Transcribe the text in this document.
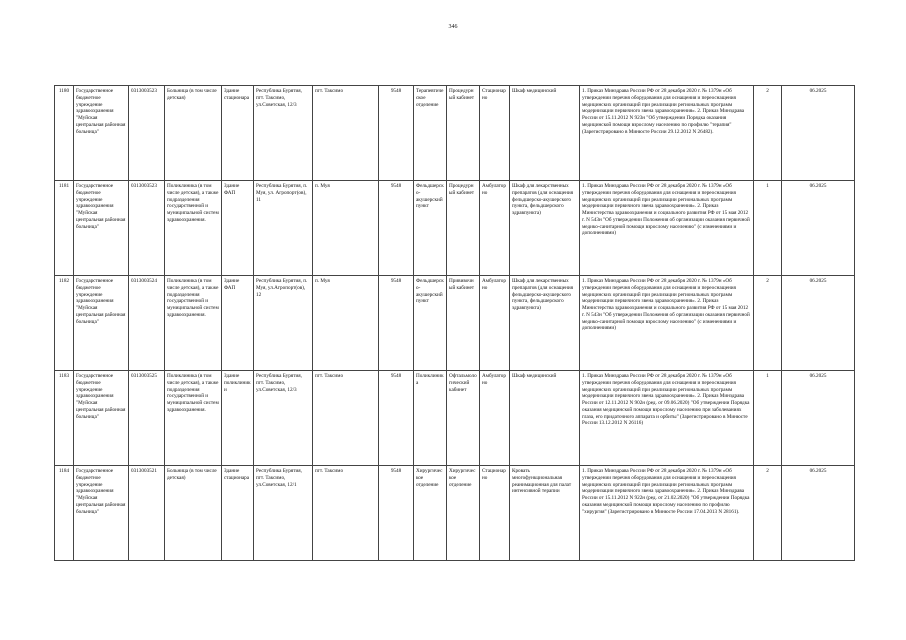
346
1180	Государственное бюджетное учреждение здравоохранения "Муйская центральная районная больница"	0313003523	Больница (в том числе детская)	Здание стационара	Республика Бурятия, пгт. Таксимо, ул.Советская, 12/3	пгт. Таксимо	9548	Терапевтическое отделение	Процедурный кабинет	Стационарно	Шкаф медицинский	1. Приказ Минздрава России РФ от 28 декабря 2020 г. № 1379н «Об утверждении перечня оборудования для оснащения и переоснащения медицинских организаций при реализации региональных программ модернизации первичного звена здравоохранения». 2. Приказ Минздрава России от 15.11.2012 N 923н "Об утверждении Порядка оказания медицинской помощи взрослому населению по профилю "терапия" (Зарегистрировано в Минюсте России 29.12.2012 N 26482).	2	06.2025
1181	Государственное бюджетное учреждение здравоохранения "Муйская центральная районная больница"	0313003523	Поликлиника (в том числе детская), а также подразделения государственной и муниципальной систем здравоохранения.	Здание ФАП	Республика Бурятия, п. Муя, ул. Агропорт(ов), 11	п. Муя	9548	Фельдшерско-акушерский пункт	Процедурный кабинет	Амбулаторно	Шкаф для лекарственных препаратов (для оснащения фельдшерско-акушерского пункта, фельдшерского здравпункта)	1. Приказ Минздрава России РФ от 28 декабря 2020 г. № 1379н «Об утверждении перечня оборудования для оснащения и переоснащения медицинских организаций при реализации региональных программ модернизации первичного звена здравоохранения». 2. Приказ Министерства здравоохранения и социального развития РФ от 15 мая 2012 г. N 543н "Об утверждении Положения об организации оказания первичной медико-санитарной помощи взрослому населению" (с изменениями и дополнениями)	1	06.2025
1182	Государственное бюджетное учреждение здравоохранения "Муйская центральная районная больница"	0313003524	Поликлиника (в том числе детская), а также подразделения государственной и муниципальной систем здравоохранения.	Здание ФАП	Республика Бурятия, п. Муя, ул.Агропорт(ов), 12	п. Муя	9548	Фельдшерско-акушерский пункт	Прививочный кабинет	Амбулаторно	Шкаф для лекарственных препаратов (для оснащения фельдшерско-акушерского пункта, фельдшерского здравпункта)	1. Приказ Минздрава России РФ от 28 декабря 2020 г. № 1379н «Об утверждении перечня оборудования для оснащения и переоснащения медицинских организаций при реализации региональных программ модернизации первичного звена здравоохранения». 2. Приказ Министерства здравоохранения и социального развития РФ от 15 мая 2012 г. N 543н "Об утверждении Положения об организации оказания первичной медико-санитарной помощи взрослому населению" (с изменениями и дополнениями)	2	06.2025
1183	Государственное бюджетное учреждение здравоохранения "Муйская центральная районная больница"	0313003525	Поликлиника (в том числе детская), а также подразделения государственной и муниципальной систем здравоохранения.	Здание поликлиники	Республика Бурятия, пгт. Таксимо, ул.Советская, 12/3	пгт. Таксимо	9548	Поликлиника	Офтальмологический кабинет	Амбулаторно	Шкаф медицинский	1. Приказ Минздрава России РФ от 28 декабря 2020 г. № 1379н «Об утверждении перечня оборудования для оснащения и переоснащения медицинских организаций при реализации региональных программ модернизации первичного звена здравоохранения». 2. Приказ Минздрава России от 12.11.2012 N 902н (ред. от 09.06.2020) "Об утверждении Порядка оказания медицинской помощи взрослому населению при заболеваниях глаза, его придаточного аппарата и орбиты" (Зарегистрировано в Минюсте России 13.12.2012 N 26116)	1	06.2025
1184	Государственное бюджетное учреждение здравоохранения "Муйская центральная районная больница"	0313003521	Больница (в том числе детская)	Здание стационара	Республика Бурятия, пгт. Таксимо, ул.Советская, 12/1	пгт. Таксимо	9548	Хирургическое отделение	Хирургическое отделение	Стационарно	Кровать многофункциональная реанимационная для палат интенсивной терапии	1. Приказ Минздрава России РФ от 28 декабря 2020 г. № 1379н «Об утверждении перечня оборудования для оснащения и переоснащения медицинских организаций при реализации региональных программ модернизации первичного звена здравоохранения». 2. Приказ Минздрава России от 15.11.2012 N 922н (ред. от 21.02.2020) "Об утверждении Порядка оказания медицинской помощи взрослому населению по профилю "хирургия" (Зарегистрировано в Минюсте России 17.04.2013 N 28161).	2	06.2025
